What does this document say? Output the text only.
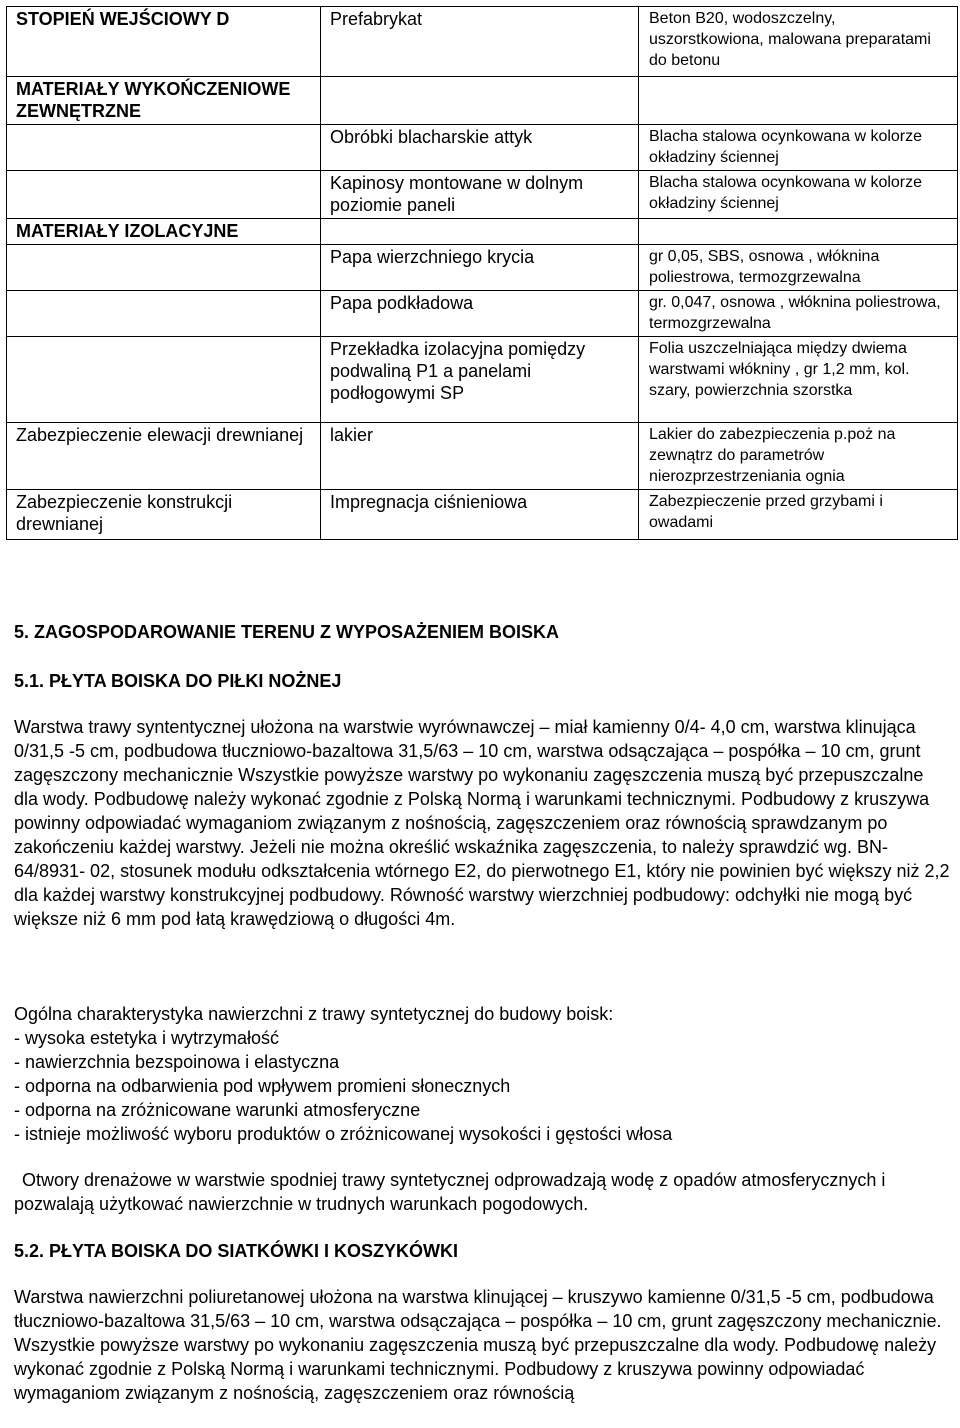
STOPIEŃ WEJŚCIOWY D	Prefabrykat	Beton B20, wodoszczelny, uszorstkowiona, malowana preparatami do betonu
MATERIAŁY WYKOŃCZENIOWE ZEWNĘTRZNE		
	Obróbki blacharskie attyk	Blacha stalowa ocynkowana w kolorze okładziny ściennej
	Kapinosy montowane w dolnym poziomie paneli	Blacha stalowa ocynkowana w kolorze okładziny ściennej
MATERIAŁY IZOLACYJNE		
	Papa wierzchniego krycia	gr 0,05, SBS, osnowa , włóknina poliestrowa, termozgrzewalna
	Papa podkładowa	gr. 0,047, osnowa , włóknina poliestrowa, termozgrzewalna
	Przekładka izolacyjna pomiędzy podwaliną P1 a panelami podłogowymi SP	Folia uszczelniająca między dwiema warstwami włókniny , gr 1,2 mm, kol. szary, powierzchnia szorstka
Zabezpieczenie elewacji drewnianej	lakier	Lakier do zabezpieczenia p.poż na zewnątrz do parametrów nierozprzestrzeniania ognia
Zabezpieczenie konstrukcji drewnianej	Impregnacja ciśnieniowa	Zabezpieczenie przed grzybami i owadami
5. ZAGOSPODAROWANIE TERENU Z WYPOSAŻENIEM BOISKA
5.1. PŁYTA BOISKA DO PIŁKI NOŻNEJ

Warstwa trawy syntentycznej ułożona na warstwie wyrównawczej – miał kamienny 0/4- 4,0 cm, warstwa klinująca 0/31,5 -5 cm, podbudowa tłuczniowo-bazaltowa 31,5/63 – 10 cm, warstwa odsączająca – pospółka – 10 cm, grunt zagęszczony mechanicznie Wszystkie powyższe warstwy po wykonaniu zagęszczenia muszą być przepuszczalne dla wody. Podbudowę należy wykonać zgodnie z Polską Normą i warunkami technicznymi. Podbudowy z kruszywa powinny odpowiadać wymaganiom związanym z nośnością, zagęszczeniem oraz równością sprawdzanym po zakończeniu każdej warstwy. Jeżeli nie można określić wskaźnika zagęszczenia, to należy sprawdzić wg. BN- 64/8931- 02, stosunek modułu odkształcenia wtórnego E2, do pierwotnego E1, który nie powinien być większy niż 2,2 dla każdej warstwy konstrukcyjnej podbudowy. Równość warstwy wierzchniej podbudowy: odchyłki nie mogą być większe niż 6 mm pod łatą krawędziową o długości 4m.

Ogólna charakterystyka nawierzchni z trawy syntetycznej do budowy boisk:
- wysoka estetyka i wytrzymałość
- nawierzchnia bezspoinowa i elastyczna
- odporna na odbarwienia pod wpływem promieni słonecznych
- odporna na zróżnicowane warunki atmosferyczne
- istnieje możliwość wyboru produktów o zróżnicowanej wysokości i gęstości włosa

Otwory drenażowe w warstwie spodniej trawy syntetycznej odprowadzają wodę z opadów atmosferycznych i pozwalają użytkować nawierzchnie w trudnych warunkach pogodowych.

5.2. PŁYTA BOISKA DO SIATKÓWKI I KOSZYKÓWKI

Warstwa nawierzchni poliuretanowej ułożona na warstwa klinującej – kruszywo kamienne 0/31,5 -5 cm, podbudowa tłuczniowo-bazaltowa 31,5/63 – 10 cm, warstwa odsączająca – pospółka – 10 cm, grunt zagęszczony mechanicznie. Wszystkie powyższe warstwy po wykonaniu zagęszczenia muszą być przepuszczalne dla wody. Podbudowę należy wykonać zgodnie z Polską Normą i warunkami technicznymi. Podbudowy z kruszywa powinny odpowiadać wymaganiom związanym z nośnością, zagęszczeniem oraz równością
